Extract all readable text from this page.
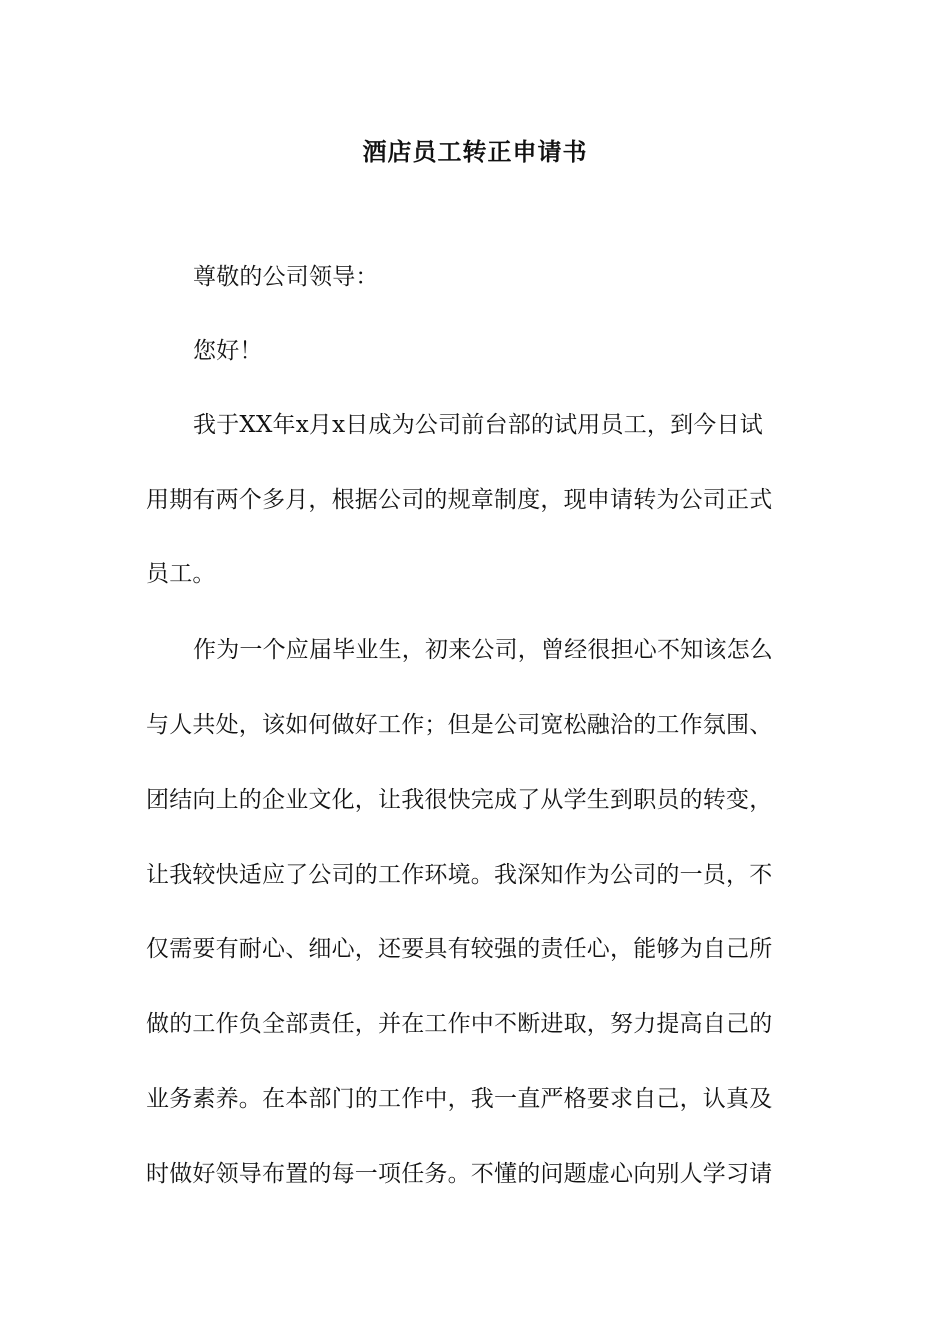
酒店员工转正申请书

尊敬的公司领导：

您好！

我于XX年x月x日成为公司前台部的试用员工，到今日试

用期有两个多月，根据公司的规章制度，现申请转为公司正式

员工。

作为一个应届毕业生，初来公司，曾经很担心不知该怎么

与人共处，该如何做好工作；但是公司宽松融洽的工作氛围、

团结向上的企业文化，让我很快完成了从学生到职员的转变，

让我较快适应了公司的工作环境。我深知作为公司的一员，不

仅需要有耐心、细心，还要具有较强的责任心，能够为自己所

做的工作负全部责任，并在工作中不断进取，努力提高自己的

业务素养。在本部门的工作中，我一直严格要求自己，认真及

时做好领导布置的每一项任务。不懂的问题虚心向别人学习请
